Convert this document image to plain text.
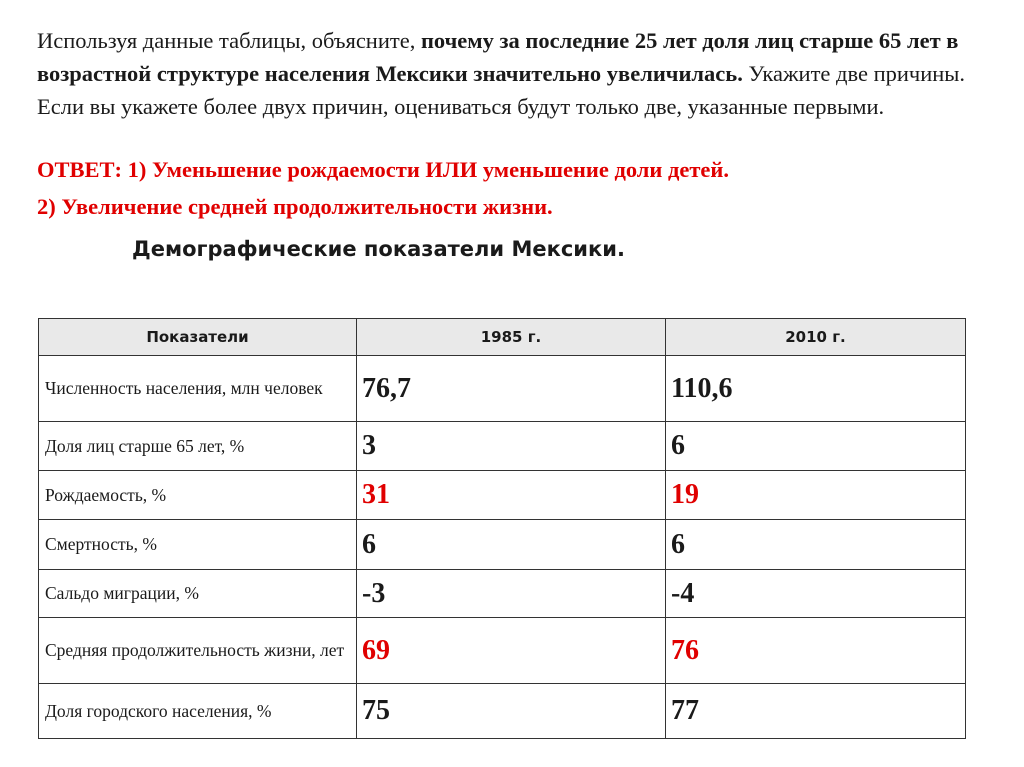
Используя данные таблицы, объясните, почему за последние 25 лет доля лиц старше 65 лет в возрастной структуре населения Мексики значительно увеличилась. Укажите две причины. Если вы укажете более двух причин, оцениваться будут только две, указанные первыми.

ОТВЕТ: 1) Уменьшение рождаемости ИЛИ уменьшение доли детей.

2) Увеличение средней продолжительности жизни.

Демографические показатели Мексики.
Показатели	1985 г.	2010 г.
Численность населения, млн человек	76,7	110,6
Доля лиц старше 65 лет, %	3	6
Рождаемость, %	31	19
Смертность, %	6	6
Сальдо миграции, %	-3	-4
Средняя продолжительность жизни, лет	69	76
Доля городского населения, %	75	77
